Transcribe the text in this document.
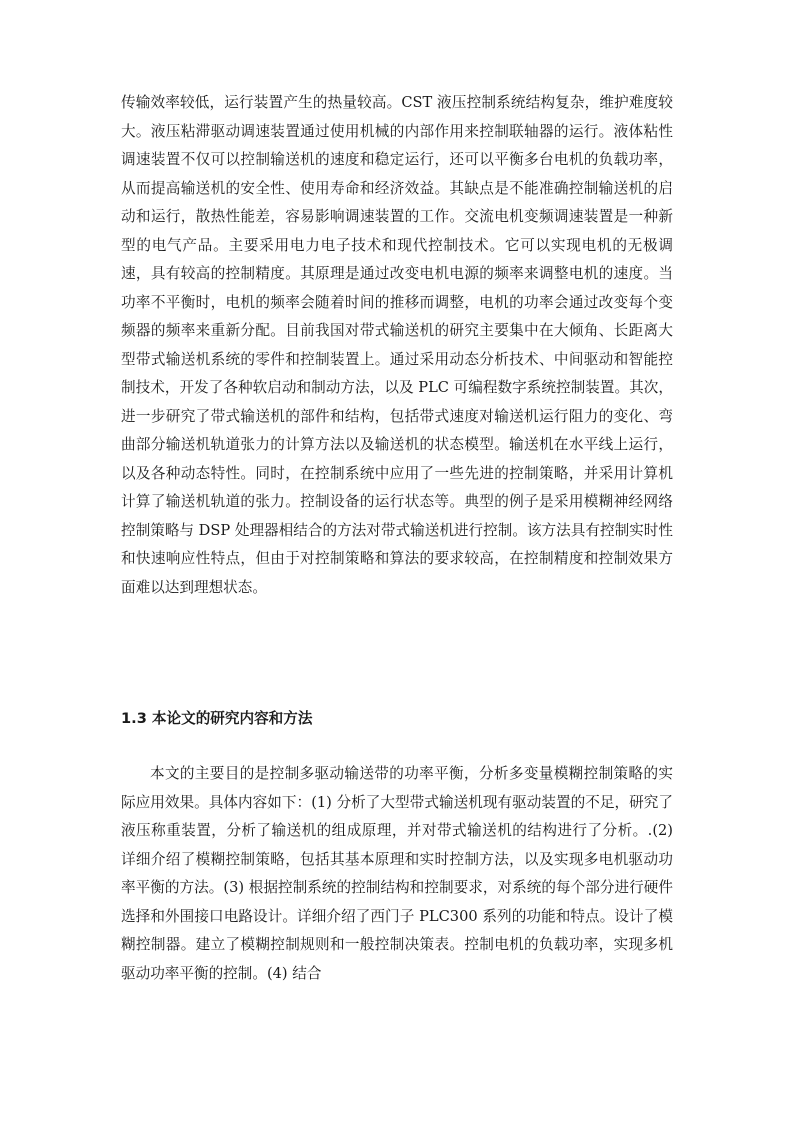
传输效率较低，运行装置产生的热量较高。CST 液压控制系统结构复杂，维护难度较大。液压粘滞驱动调速装置通过使用机械的内部作用来控制联轴器的运行。液体粘性调速装置不仅可以控制输送机的速度和稳定运行，还可以平衡多台电机的负载功率，从而提高输送机的安全性、使用寿命和经济效益。其缺点是不能准确控制输送机的启动和运行，散热性能差，容易影响调速装置的工作。交流电机变频调速装置是一种新型的电气产品。主要采用电力电子技术和现代控制技术。它可以实现电机的无极调速，具有较高的控制精度。其原理是通过改变电机电源的频率来调整电机的速度。当功率不平衡时，电机的频率会随着时间的推移而调整，电机的功率会通过改变每个变频器的频率来重新分配。目前我国对带式输送机的研究主要集中在大倾角、长距离大型带式输送机系统的零件和控制装置上。通过采用动态分析技术、中间驱动和智能控制技术，开发了各种软启动和制动方法，以及 PLC 可编程数字系统控制装置。其次，进一步研究了带式输送机的部件和结构，包括带式速度对输送机运行阻力的变化、弯曲部分输送机轨道张力的计算方法以及输送机的状态模型。输送机在水平线上运行，以及各种动态特性。同时，在控制系统中应用了一些先进的控制策略，并采用计算机计算了输送机轨道的张力。控制设备的运行状态等。典型的例子是采用模糊神经网络控制策略与 DSP 处理器相结合的方法对带式输送机进行控制。该方法具有控制实时性和快速响应性特点，但由于对控制策略和算法的要求较高，在控制精度和控制效果方面难以达到理想状态。

1.3 本论文的研究内容和方法

本文的主要目的是控制多驱动输送带的功率平衡，分析多变量模糊控制策略的实际应用效果。具体内容如下：(1) 分析了大型带式输送机现有驱动装置的不足，研究了液压称重装置，分析了输送机的组成原理，并对带式输送机的结构进行了分析。.(2) 详细介绍了模糊控制策略，包括其基本原理和实时控制方法，以及实现多电机驱动功率平衡的方法。(3) 根据控制系统的控制结构和控制要求，对系统的每个部分进行硬件选择和外围接口电路设计。详细介绍了西门子 PLC300 系列的功能和特点。设计了模糊控制器。建立了模糊控制规则和一般控制决策表。控制电机的负载功率，实现多机驱动功率平衡的控制。(4) 结合
